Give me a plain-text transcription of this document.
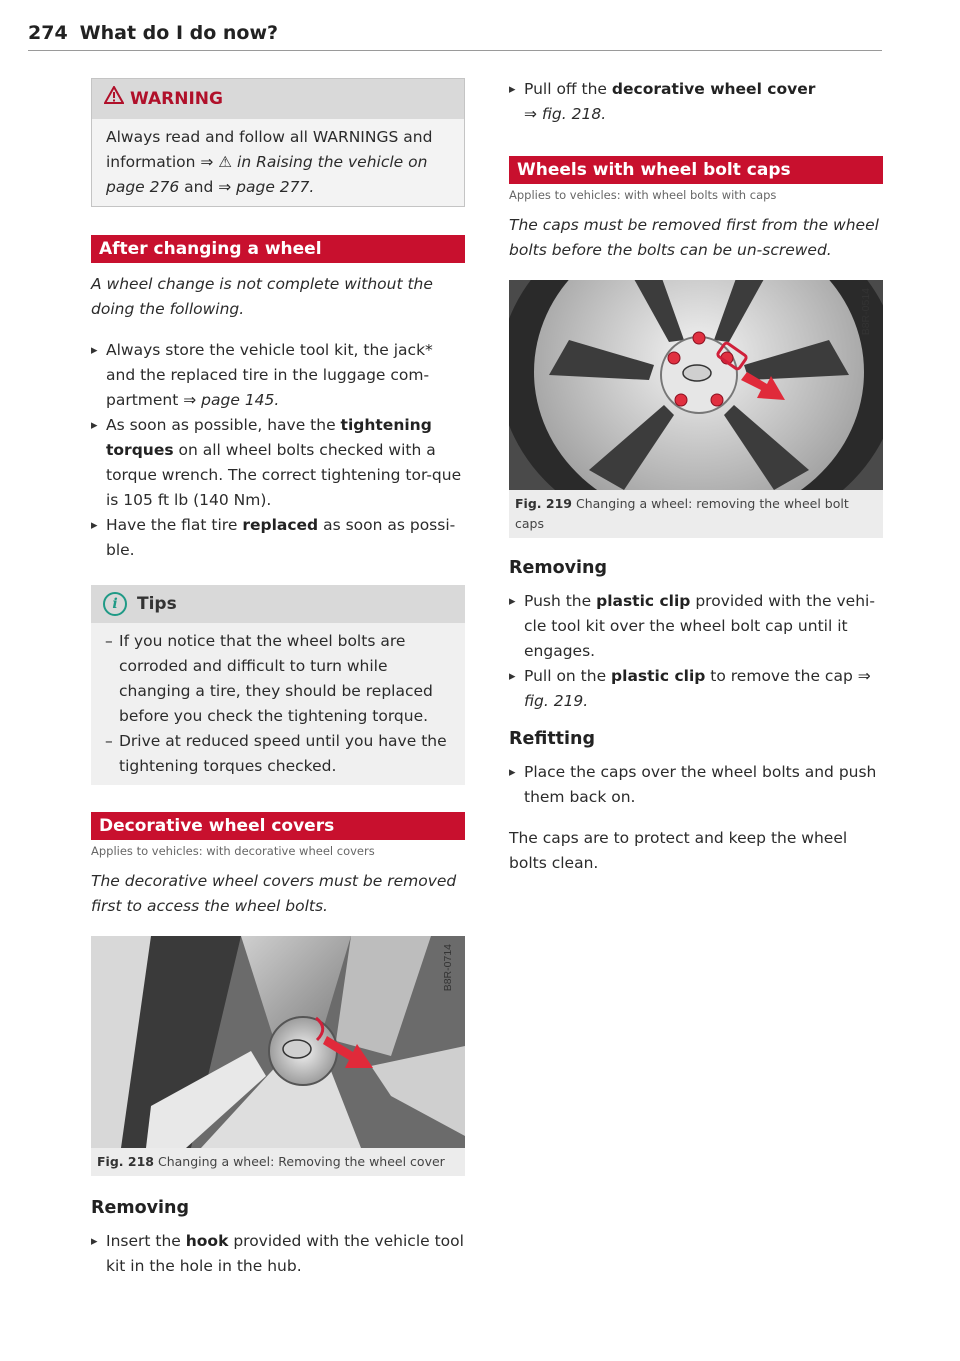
274 What do I do now?
WARNING

Always read and follow all WARNINGS and

information ⇒ ⚠ in Raising the vehicle on

page 276 and ⇒ page 277.

After changing a wheel

A wheel change is not complete without the doing the following.

▸ Always store the vehicle tool kit, the jack* and the replaced tire in the luggage com-partment ⇒ page 145.
▸ As soon as possible, have the tightening torques on all wheel bolts checked with a torque wrench. The correct tightening tor-que is 105 ft lb (140 Nm).
▸ Have the flat tire replaced as soon as possi-ble.
i Tips
– If you notice that the wheel bolts are corroded and difficult to turn while changing a tire, they should be replaced before you check the tightening torque.
– Drive at reduced speed until you have the tightening torques checked.
Decorative wheel covers
Applies to vehicles: with decorative wheel covers

The decorative wheel covers must be removed first to access the wheel bolts.

B8R-0714
Fig. 218 Changing a wheel: Removing the wheel cover
Removing
▸ Insert the hook provided with the vehicle tool kit in the hole in the hub.
▸ Pull off the decorative wheel cover
⇒ fig. 218.
Wheels with wheel bolt caps
Applies to vehicles: with wheel bolts with caps

The caps must be removed first from the wheel bolts before the bolts can be un-screwed.

B8R-0514
Fig. 219 Changing a wheel: removing the wheel bolt caps
Removing
▸ Push the plastic clip provided with the vehi-cle tool kit over the wheel bolt cap until it engages.
▸ Pull on the plastic clip to remove the cap ⇒ fig. 219.
Refitting
▸ Place the caps over the wheel bolts and push them back on.

The caps are to protect and keep the wheel bolts clean.
